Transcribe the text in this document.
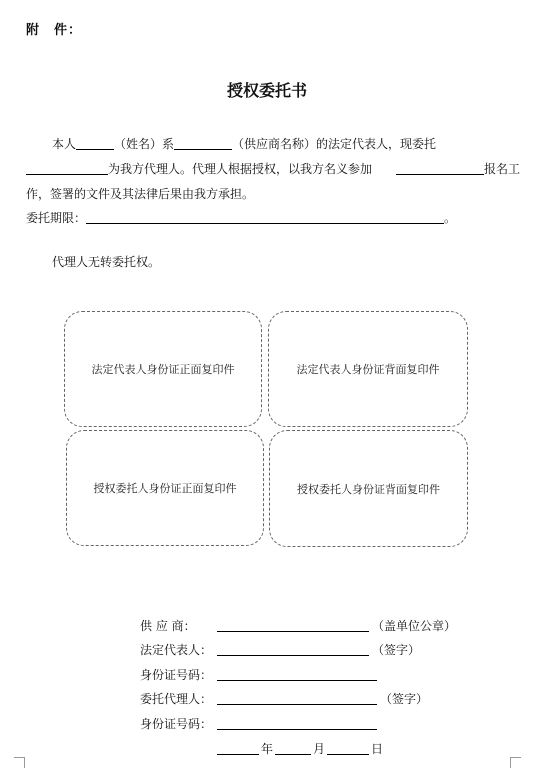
附 件：
授权委托书
本人	（姓名）系	（供应商名称）的法定代表人，现委托
为我方代理人。代理人根据授权，以我方名义参加	报名工
作，签署的文件及其法律后果由我方承担。
委托期限：	。
代理人无转委托权。
法定代表人身份证正面复印件	法定代表人身份证背面复印件
授权委托人身份证正面复印件	授权委托人身份证背面复印件
供 应 商：	（盖单位公章）
法定代表人：	（签字）
身份证号码：
委托代理人：	（签字）
身份证号码：
年	月	日
